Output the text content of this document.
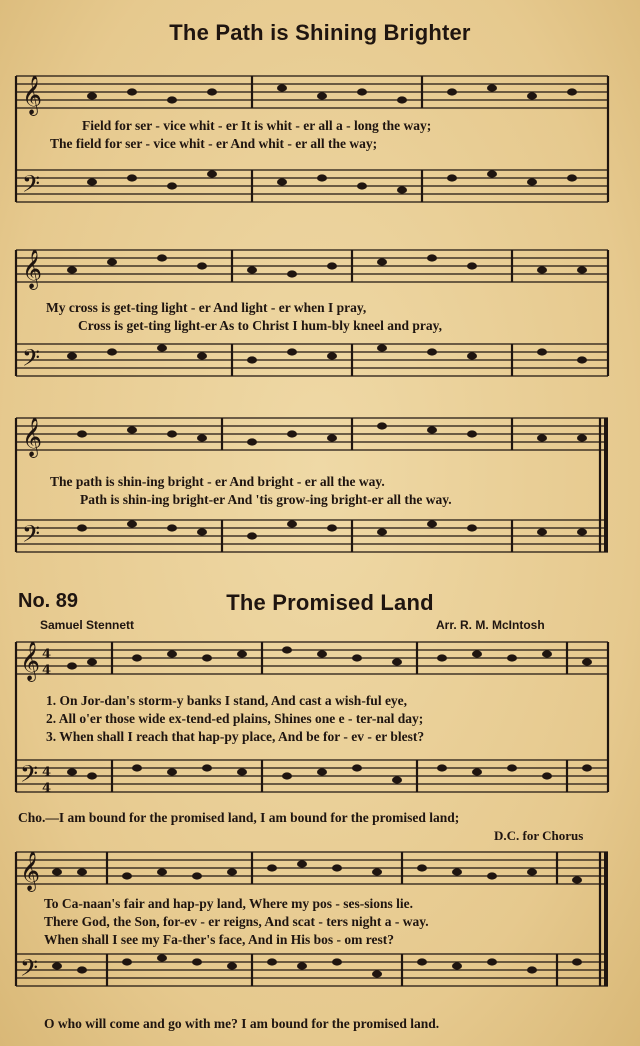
The Path is Shining Brighter
𝄞
𝄢
Field for ser - vice whit - er It is whit - er all a - long the way;
The field for ser - vice whit - er And whit - er all the way;
𝄞
𝄢
My cross is get-ting light - er And light - er when I pray,
Cross is get-ting light-er As to Christ I hum-bly kneel and pray,
𝄞
𝄢
The path is shin-ing bright - er And bright - er all the way.
Path is shin-ing bright-er And 'tis grow-ing bright-er all the way.
No. 89	The Promised Land
Samuel Stennett	Arr. R. M. McIntosh
𝄞 4
4
𝄢 4
4
1. On Jor-dan's storm-y banks I stand, And cast a wish-ful eye,
2. All o'er those wide ex-tend-ed plains, Shines one e - ter-nal day;
3. When shall I reach that hap-py place, And be for - ev - er blest?
Cho.—I am bound for the promised land, I am bound for the promised land;
D.C. for Chorus
𝄞
𝄢
To Ca-naan's fair and hap-py land, Where my pos - ses-sions lie.
There God, the Son, for-ev - er reigns, And scat - ters night a - way.
When shall I see my Fa-ther's face, And in His bos - om rest?
O who will come and go with me? I am bound for the promised land.
